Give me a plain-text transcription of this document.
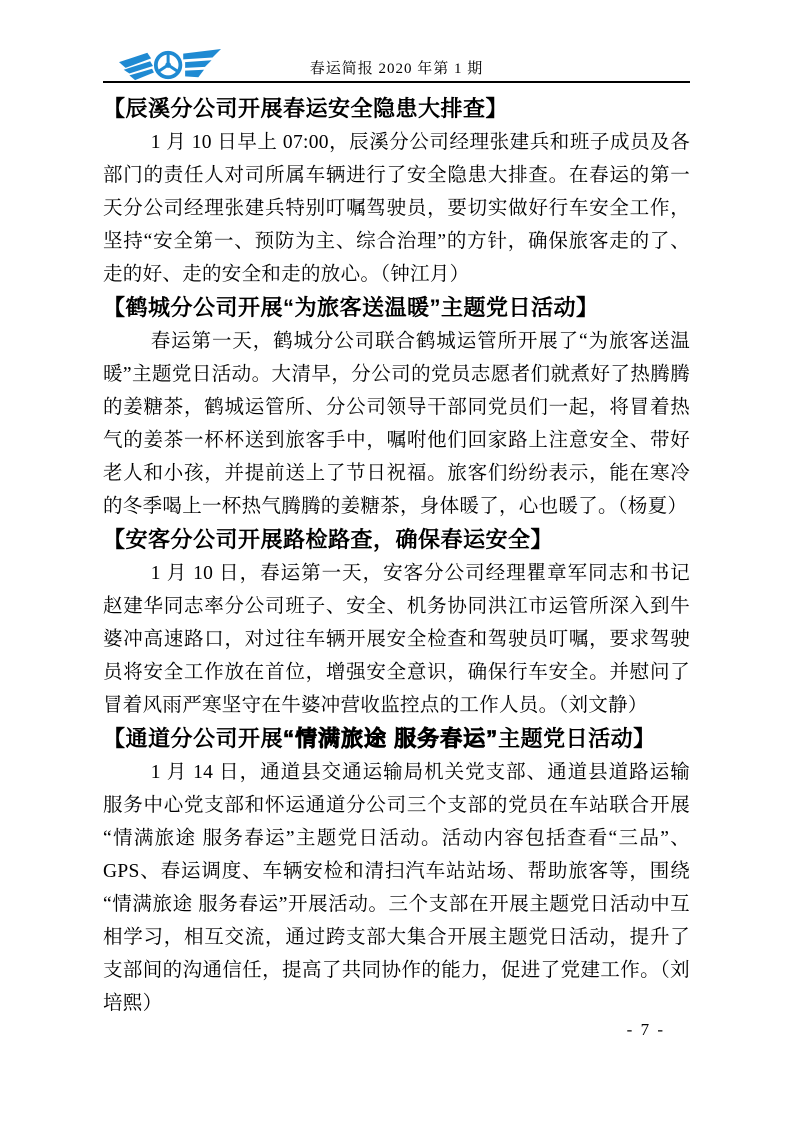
春运简报 2020 年第 1 期
【辰溪分公司开展春运安全隐患大排查】

1 月 10 日早上 07:00，辰溪分公司经理张建兵和班子成员及各部门的责任人对司所属车辆进行了安全隐患大排查。在春运的第一天分公司经理张建兵特别叮嘱驾驶员，要切实做好行车安全工作，坚持“安全第一、预防为主、综合治理”的方针，确保旅客走的了、走的好、走的安全和走的放心。（钟江月）

【鹤城分公司开展“为旅客送温暖”主题党日活动】

春运第一天，鹤城分公司联合鹤城运管所开展了“为旅客送温暖”主题党日活动。大清早，分公司的党员志愿者们就煮好了热腾腾的姜糖茶，鹤城运管所、分公司领导干部同党员们一起，将冒着热气的姜茶一杯杯送到旅客手中，嘱咐他们回家路上注意安全、带好老人和小孩，并提前送上了节日祝福。旅客们纷纷表示，能在寒冷的冬季喝上一杯热气腾腾的姜糖茶，身体暖了，心也暖了。（杨夏）

【安客分公司开展路检路查，确保春运安全】

1 月 10 日，春运第一天，安客分公司经理瞿章军同志和书记赵建华同志率分公司班子、安全、机务协同洪江市运管所深入到牛婆冲高速路口，对过往车辆开展安全检查和驾驶员叮嘱，要求驾驶员将安全工作放在首位，增强安全意识，确保行车安全。并慰问了冒着风雨严寒坚守在牛婆冲营收监控点的工作人员。（刘文静）

【通道分公司开展“情满旅途 服务春运”主题党日活动】

1 月 14 日，通道县交通运输局机关党支部、通道县道路运输服务中心党支部和怀运通道分公司三个支部的党员在车站联合开展“情满旅途 服务春运”主题党日活动。活动内容包括查看“三品”、GPS、春运调度、车辆安检和清扫汽车站站场、帮助旅客等，围绕“情满旅途 服务春运”开展活动。三个支部在开展主题党日活动中互相学习，相互交流，通过跨支部大集合开展主题党日活动，提升了支部间的沟通信任，提高了共同协作的能力，促进了党建工作。（刘培熙）

- 7 -
